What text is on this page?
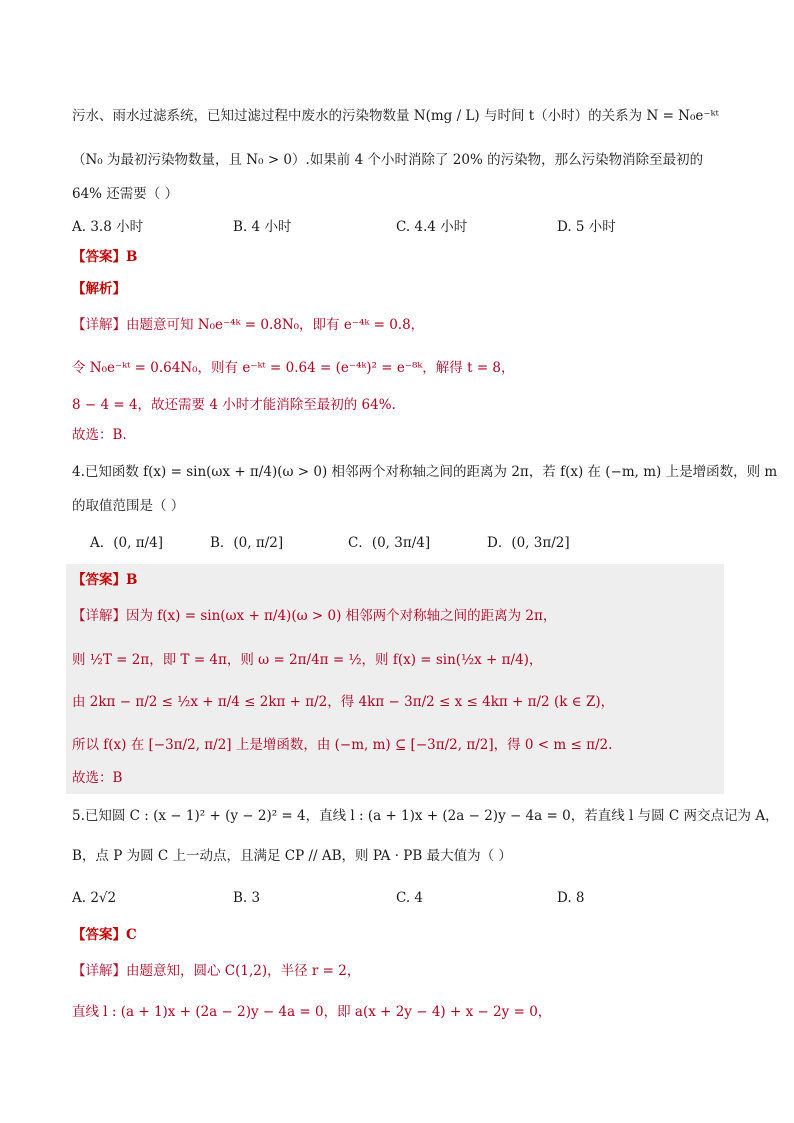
污水、雨水过滤系统，已知过滤过程中废水的污染物数量 N(mg / L) 与时间 t（小时）的关系为 N = N₀e⁻ᵏᵗ
（N₀ 为最初污染物数量，且 N₀ > 0）.如果前 4 个小时消除了 20% 的污染物，那么污染物消除至最初的
64% 还需要（ ）
A. 3.8 小时	B. 4 小时	C. 4.4 小时	D. 5 小时
【答案】B
【解析】
【详解】由题意可知 N₀e⁻⁴ᵏ = 0.8N₀，即有 e⁻⁴ᵏ = 0.8，
令 N₀e⁻ᵏᵗ = 0.64N₀，则有 e⁻ᵏᵗ = 0.64 = (e⁻⁴ᵏ)² = e⁻⁸ᵏ，解得 t = 8，
8 − 4 = 4，故还需要 4 小时才能消除至最初的 64%.
故选：B.
4.已知函数 f(x) = sin(ωx + π/4)(ω > 0) 相邻两个对称轴之间的距离为 2π，若 f(x) 在 (−m, m) 上是增函数，则 m
的取值范围是（ ）
A．(0, π/4]	B．(0, π/2]	C．(0, 3π/4]	D．(0, 3π/2]
【答案】B
【详解】因为 f(x) = sin(ωx + π/4)(ω > 0) 相邻两个对称轴之间的距离为 2π，
则 ½T = 2π，即 T = 4π，则 ω = 2π/4π = ½，则 f(x) = sin(½x + π/4)，
由 2kπ − π/2 ≤ ½x + π/4 ≤ 2kπ + π/2，得 4kπ − 3π/2 ≤ x ≤ 4kπ + π/2 (k ∈ Z)，
所以 f(x) 在 [−3π/2, π/2] 上是增函数，由 (−m, m) ⊆ [−3π/2, π/2]，得 0 < m ≤ π/2.
故选：B
5.已知圆 C : (x − 1)² + (y − 2)² = 4，直线 l : (a + 1)x + (2a − 2)y − 4a = 0，若直线 l 与圆 C 两交点记为 A，
B，点 P 为圆 C 上一动点，且满足 CP // AB，则 PA · PB 最大值为（ ）
A. 2√2	B. 3	C. 4	D. 8
【答案】C
【详解】由题意知，圆心 C(1,2)，半径 r = 2，
直线 l : (a + 1)x + (2a − 2)y − 4a = 0，即 a(x + 2y − 4) + x − 2y = 0，
